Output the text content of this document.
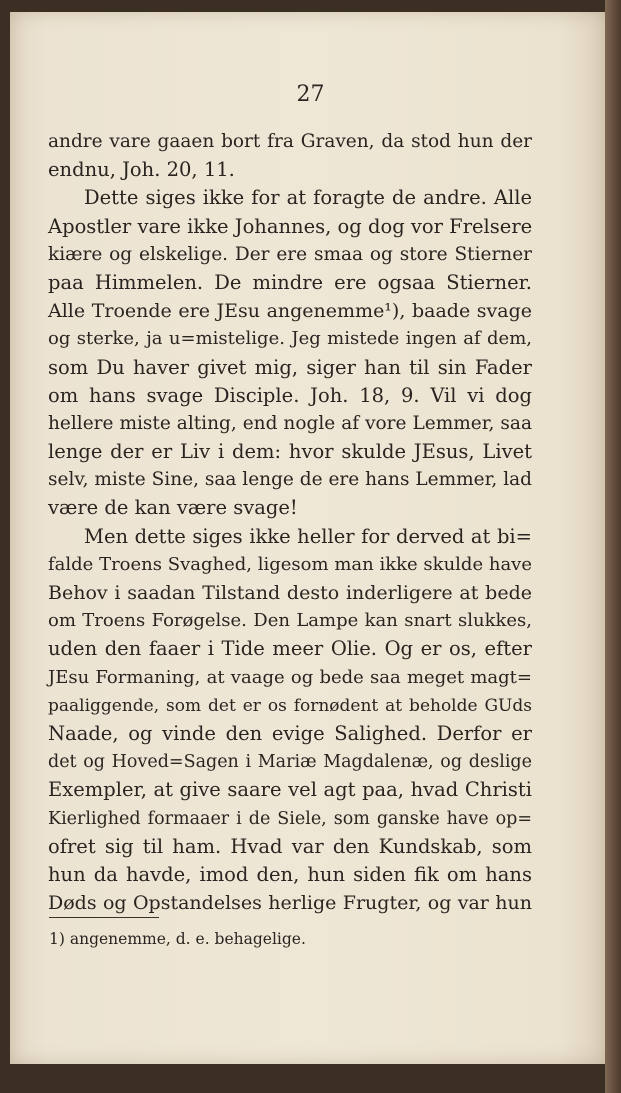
27
andre vare gaaen bort fra Graven, da stod hun der
endnu, Joh. 20, 11.
Dette siges ikke for at foragte de andre. Alle
Apostler vare ikke Johannes, og dog vor Frelsere
kiære og elskelige. Der ere smaa og store Stierner
paa Himmelen. De mindre ere ogsaa Stierner.
Alle Troende ere JEsu angenemme¹), baade svage
og sterke, ja u=mistelige. Jeg mistede ingen af dem,
som Du haver givet mig, siger han til sin Fader
om hans svage Disciple. Joh. 18, 9. Vil vi dog
hellere miste alting, end nogle af vore Lemmer, saa
lenge der er Liv i dem: hvor skulde JEsus, Livet
selv, miste Sine, saa lenge de ere hans Lemmer, lad
være de kan være svage!
Men dette siges ikke heller for derved at bi=
falde Troens Svaghed, ligesom man ikke skulde have
Behov i saadan Tilstand desto inderligere at bede
om Troens Forøgelse. Den Lampe kan snart slukkes,
uden den faaer i Tide meer Olie. Og er os, efter
JEsu Formaning, at vaage og bede saa meget magt=
paaliggende, som det er os fornødent at beholde GUds
Naade, og vinde den evige Salighed. Derfor er
det og Hoved=Sagen i Mariæ Magdalenæ, og deslige
Exempler, at give saare vel agt paa, hvad Christi
Kierlighed formaaer i de Siele, som ganske have op=
ofret sig til ham. Hvad var den Kundskab, som
hun da havde, imod den, hun siden fik om hans
Døds og Opstandelses herlige Frugter, og var hun
1) angenemme, d. e. behagelige.
